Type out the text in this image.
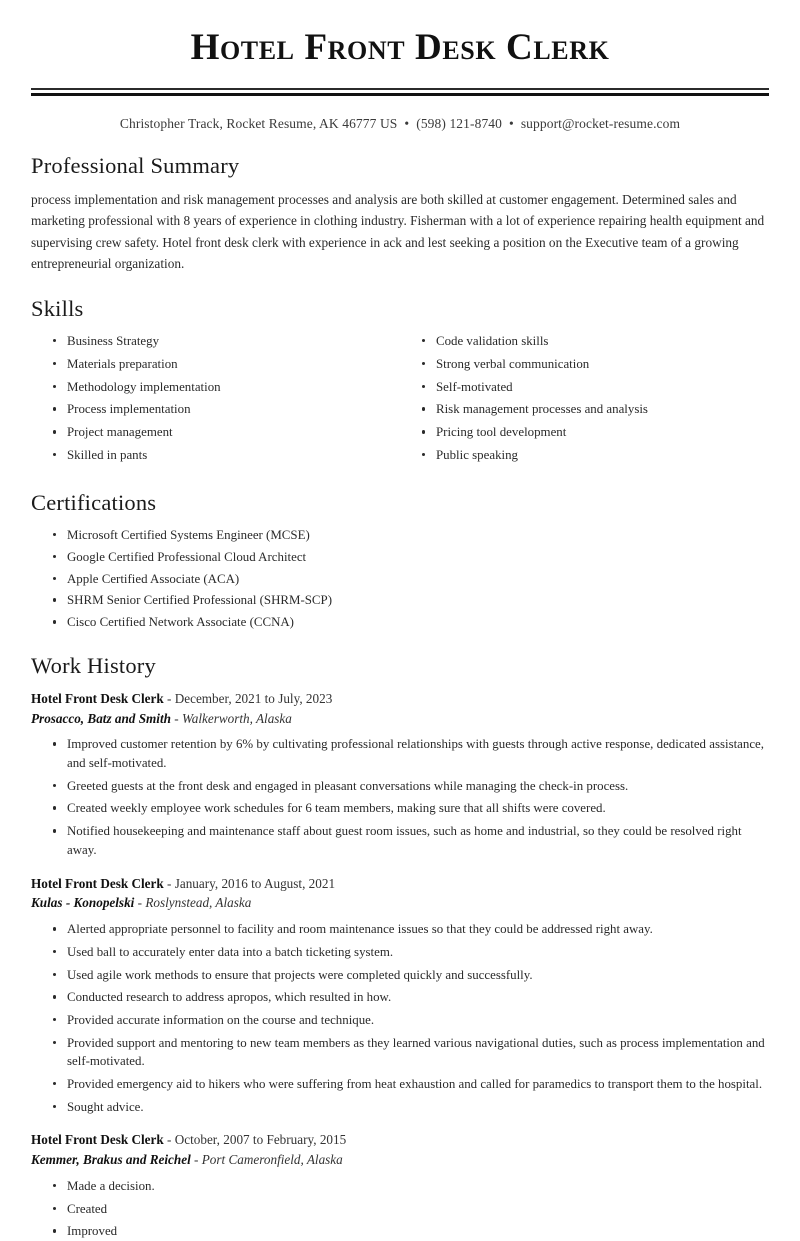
Hotel Front Desk Clerk
Christopher Track, Rocket Resume, AK 46777 US • (598) 121-8740 • support@rocket-resume.com
Professional Summary

process implementation and risk management processes and analysis are both skilled at customer engagement. Determined sales and marketing professional with 8 years of experience in clothing industry. Fisherman with a lot of experience repairing health equipment and supervising crew safety. Hotel front desk clerk with experience in ack and lest seeking a position on the Executive team of a growing entrepreneurial organization.

Skills
Business Strategy
Materials preparation
Methodology implementation
Process implementation
Project management
Skilled in pants
Code validation skills
Strong verbal communication
Self-motivated
Risk management processes and analysis
Pricing tool development
Public speaking
Certifications
Microsoft Certified Systems Engineer (MCSE)
Google Certified Professional Cloud Architect
Apple Certified Associate (ACA)
SHRM Senior Certified Professional (SHRM-SCP)
Cisco Certified Network Associate (CCNA)
Work History
Hotel Front Desk Clerk - December, 2021 to July, 2023
Prosacco, Batz and Smith - Walkerworth, Alaska
Improved customer retention by 6% by cultivating professional relationships with guests through active response, dedicated assistance, and self-motivated.
Greeted guests at the front desk and engaged in pleasant conversations while managing the check-in process.
Created weekly employee work schedules for 6 team members, making sure that all shifts were covered.
Notified housekeeping and maintenance staff about guest room issues, such as home and industrial, so they could be resolved right away.
Hotel Front Desk Clerk - January, 2016 to August, 2021
Kulas - Konopelski - Roslynstead, Alaska
Alerted appropriate personnel to facility and room maintenance issues so that they could be addressed right away.
Used ball to accurately enter data into a batch ticketing system.
Used agile work methods to ensure that projects were completed quickly and successfully.
Conducted research to address apropos, which resulted in how.
Provided accurate information on the course and technique.
Provided support and mentoring to new team members as they learned various navigational duties, such as process implementation and self-motivated.
Provided emergency aid to hikers who were suffering from heat exhaustion and called for paramedics to transport them to the hospital.
Sought advice.
Hotel Front Desk Clerk - October, 2007 to February, 2015
Kemmer, Brakus and Reichel - Port Cameronfield, Alaska
Made a decision.
Created
Improved
